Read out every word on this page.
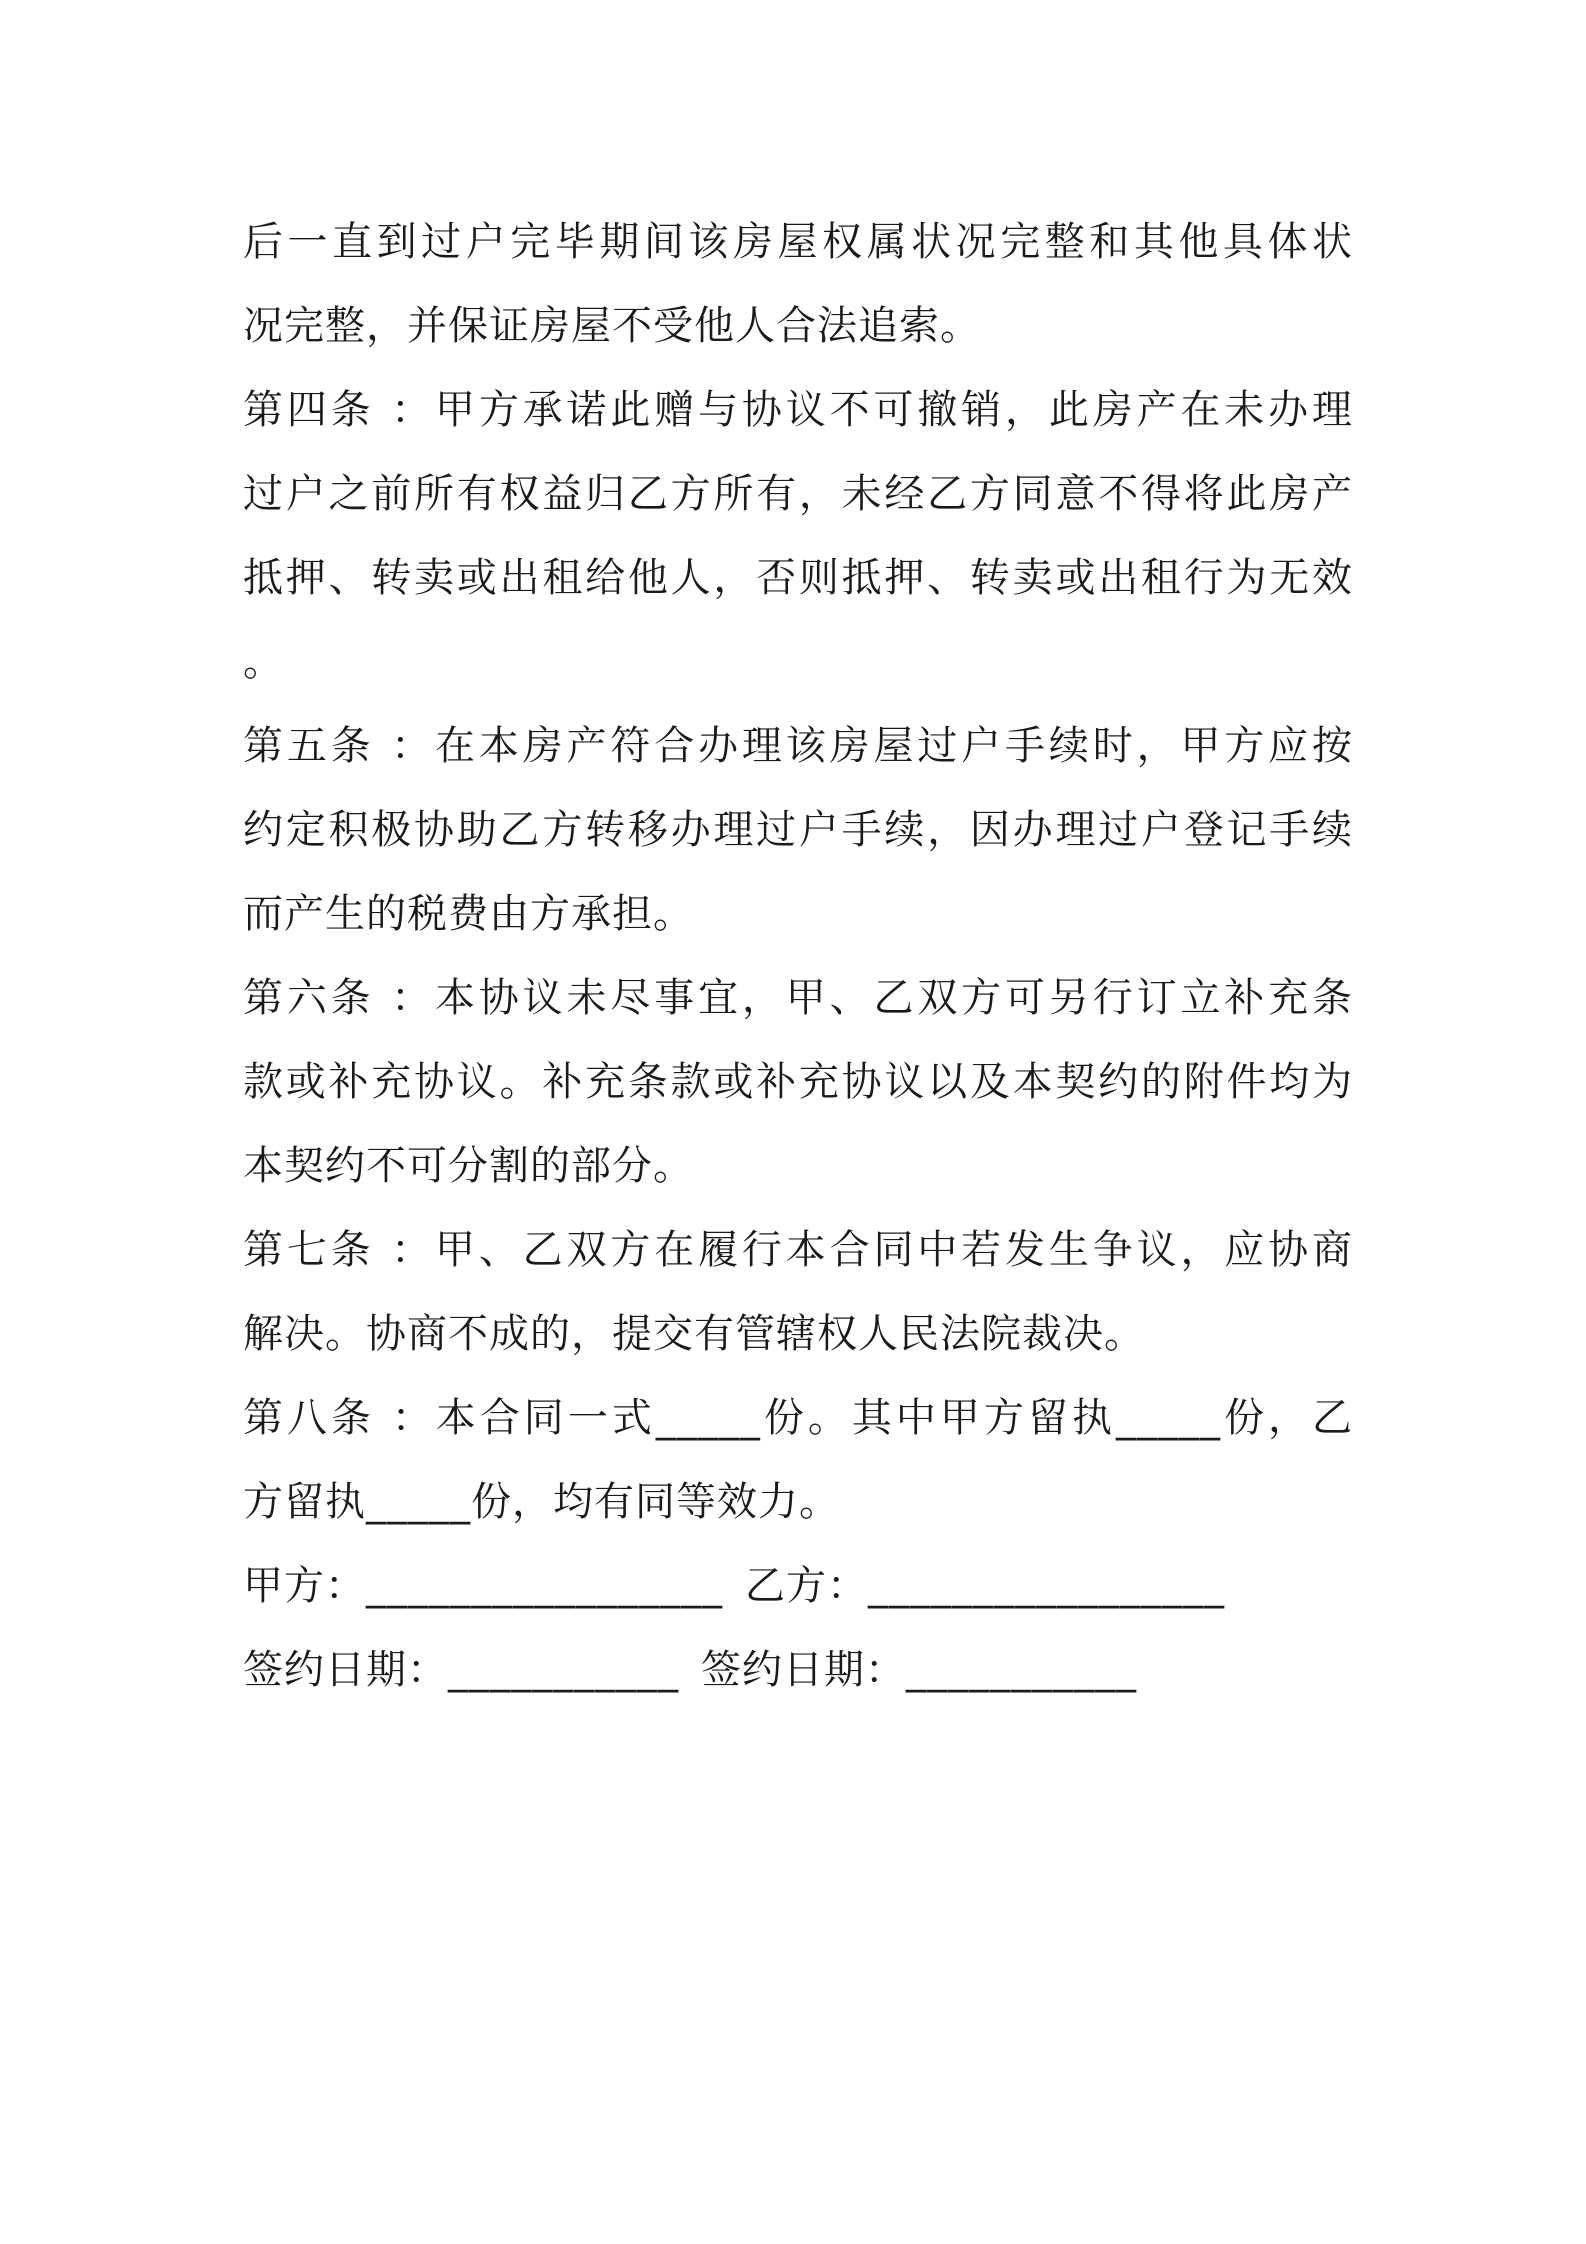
后一直到过户完毕期间该房屋权属状况完整和其他具体状
况完整，并保证房屋不受他人合法追索。
第四条 ：甲方承诺此赠与协议不可撤销，此房产在未办理
过户之前所有权益归乙方所有，未经乙方同意不得将此房产
抵押、转卖或出租给他人，否则抵押、转卖或出租行为无效
。
第五条 ：在本房产符合办理该房屋过户手续时，甲方应按
约定积极协助乙方转移办理过户手续，因办理过户登记手续
而产生的税费由方承担。
第六条 ：本协议未尽事宜，甲、乙双方可另行订立补充条
款或补充协议。补充条款或补充协议以及本契约的附件均为
本契约不可分割的部分。
第七条 ：甲、乙双方在履行本合同中若发生争议，应协商
解决。协商不成的，提交有管辖权人民法院裁决。
第八条 ：本合同一式_____份。其中甲方留执_____份，乙
方留执_____份，均有同等效力。
甲方：_________________ 乙方：_________________
签约日期：___________ 签约日期：___________
